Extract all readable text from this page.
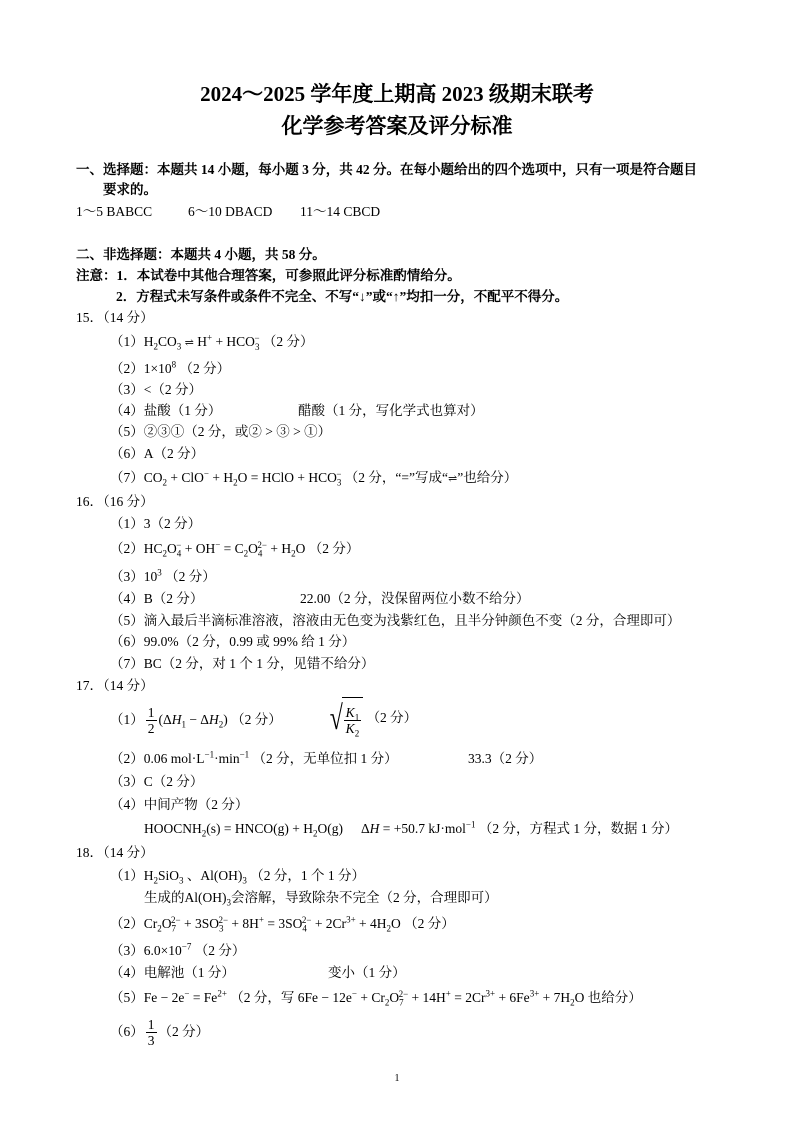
2024～2025 学年度上期高 2023 级期末联考
化学参考答案及评分标准
一、选择题：本题共 14 小题，每小题 3 分，共 42 分。在每小题给出的四个选项中，只有一项是符合题目
要求的。
1～5 BABCC	6～10 DBACD 11～14 CBCD
二、非选择题：本题共 4 小题，共 58 分。
注意：1．本试卷中其他合理答案，可参照此评分标准酌情给分。
2．方程式未写条件或条件不完全、不写“↓”或“↑”均扣一分，不配平不得分。
15．（14 分）
$(1)H_2CO_3$ ⇌ $H^+ + HCO_3^-$ （2 分）
$(2)1\times 10^8$ （2 分）
（3）<（2 分）
（4）盐酸（1 分）	醋酸（1 分，写化学式也算对）
（5）②③①（2 分，或② > ③ > ①）
（6）A（2 分）
$(7)CO_2 + ClO^- + H_2O$ = HClO + $HCO_3^-$ （2 分，“=”写成“⇌”也给分）
16．（16 分）
（1）3（2 分）
$(2)HC_2O_4^- + OH^- = C_2O_4^{2-} + H_2O$ （2 分）
$(3)10^3$ （2 分）
（4）B（2 分）	22.00（2 分，没保留两位小数不给分）
（5）滴入最后半滴标准溶液，溶液由无色变为浅紫红色，且半分钟颜色不变（2 分，合理即可）
（6）99.0%（2 分，0.99 或 99% 给 1 分）
（7）BC（2 分，对 1 个 1 分，见错不给分）
17．（14 分）
$(1) \frac{1}{2} (\Delta H_1 - \Delta H_2)$ （2 分） √ $\frac{K_1}{K_2} (2$ 分）
（2）0.06 $mol\cdot L^{-1}\cdot\min^{-1}$ （2 分，无单位扣 1 分）	33.3（2 分）
（3）C（2 分）
（4）中间产物（2 分）
$HOOCNH_2(s)$ = HNCO(g) + $H_2O(g) \Delta H = +50.7$ kJ·mol$^{-1}$ （2 分，方程式 1 分，数据 1 分）
18．（14 分）
$(1)H_2SiO_3$ 、$Al(OH)_3$ （2 分，1 个 1 分）
生成的$Al(OH)_3$会溶解，导致除杂不完全（2 分，合理即可）
$(2)Cr_2O_7^{2-} + 3SO_3^{2-} + 8H^+ = 3SO_4^{2-} + 2Cr^{3+} + 4H_2O$ （2 分）
$(3)6.0\times 10^{-7}$ （2 分）
（4）电解池（1 分）	变小（1 分）
$(5)Fe - 2e^- = Fe^{2+}$ （2 分，写 $6Fe - 12e^- + Cr_2O_7^{2-} + 14H^+ = 2Cr^{3+} + 6Fe^{3+} + 7H_2O$ 也给分）
$(6) \frac{1}{3} (2$ 分）
1
